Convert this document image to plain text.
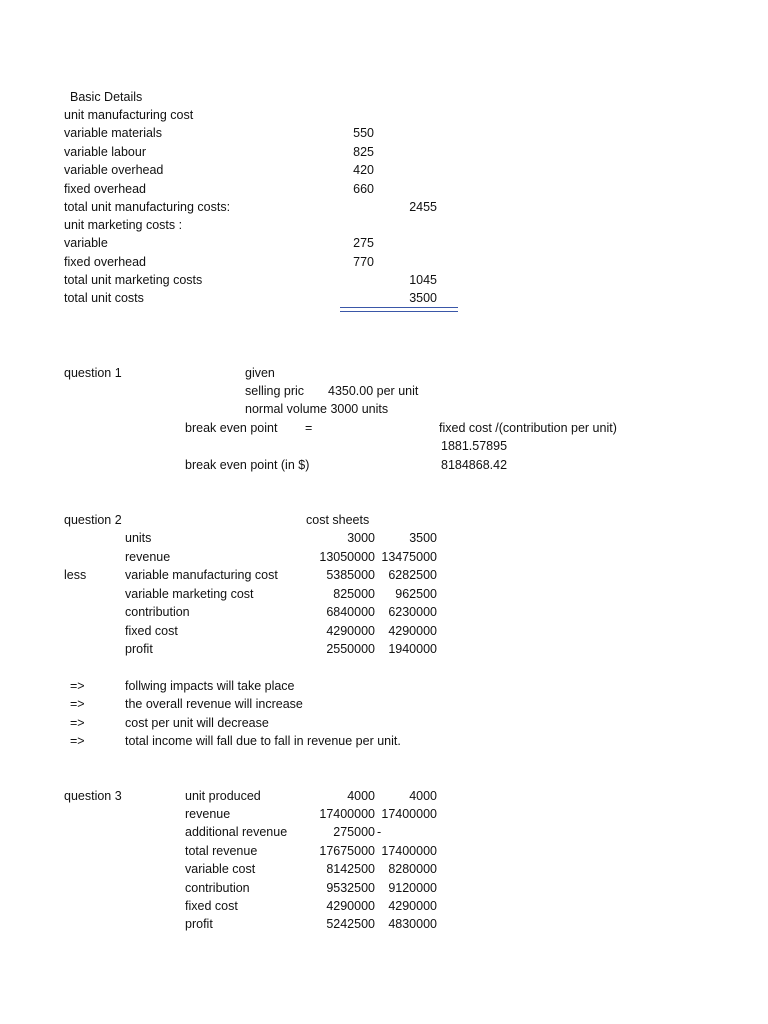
Basic Details
unit manufacturing cost
variable materials	550
variable labour	825
variable overhead	420
fixed overhead	660
total unit manufacturing costs:	2455
unit marketing costs :
variable	275
fixed overhead	770
total unit marketing costs	1045
total unit costs	3500
question 1	given
selling pric 4350.00 per unit
normal volume 3000 units
break even point =	fixed cost /(contribution per unit)
1881.57895
break even point (in $)	8184868.42
question 2	cost sheets
units	3000	3500
revenue	13050000 13475000
less	variable manufacturing cost	5385000	6282500
variable marketing cost	825000	962500
contribution	6840000	6230000
fixed cost	4290000	4290000
profit	2550000	1940000
=>	follwing impacts will take place
=>	the overall revenue will increase
=>	cost per unit will decrease
=>	total income will fall due to fall in revenue per unit.
question 3	unit produced	4000	4000
revenue	17400000 17400000
additional revenue	275000 -
total revenue	17675000 17400000
variable cost	8142500	8280000
contribution	9532500	9120000
fixed cost	4290000	4290000
profit	5242500	4830000
